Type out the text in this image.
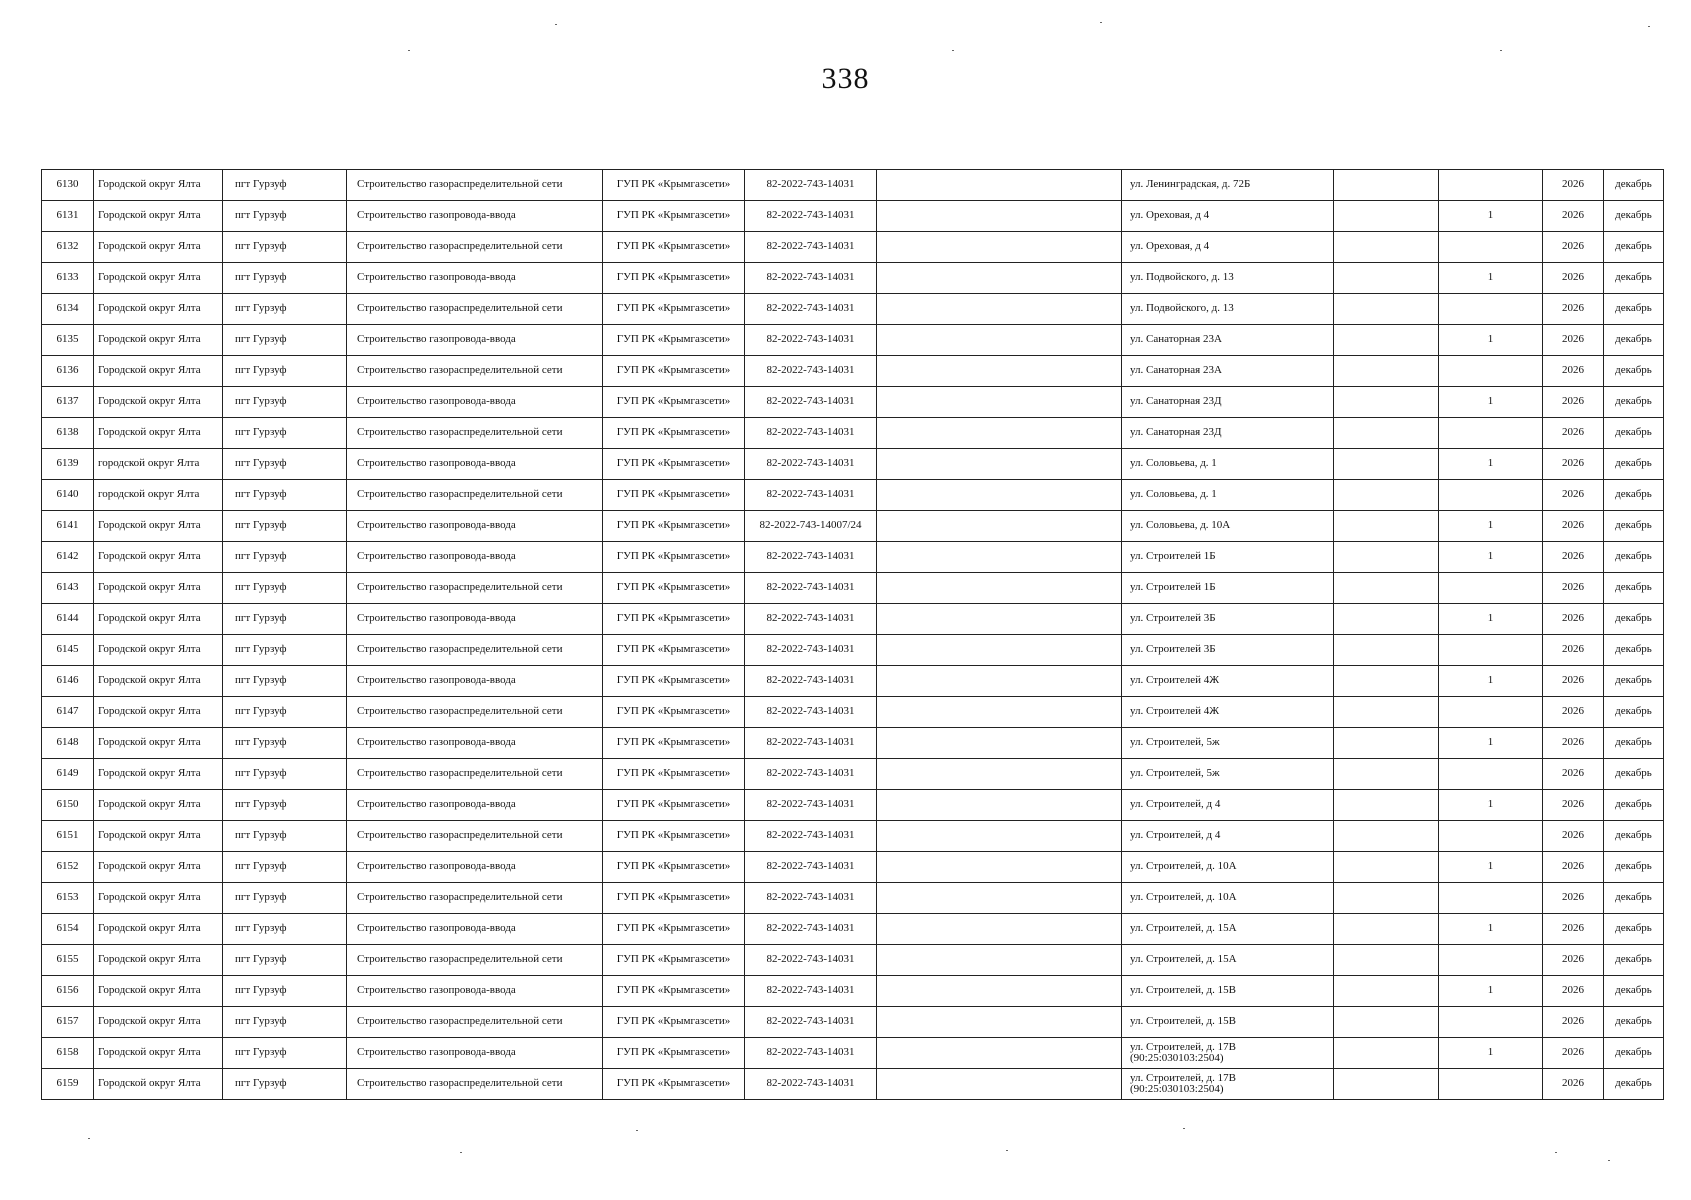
338
6130	Городской округ Ялта	пгт Гурзуф	Строительство газораспределительной сети	ГУП РК «Крымгазсети»	82-2022-743-14031		ул. Ленинградская, д. 72Б			2026	декабрь
6131	Городской округ Ялта	пгт Гурзуф	Строительство газопровода-ввода	ГУП РК «Крымгазсети»	82-2022-743-14031		ул. Ореховая, д 4		1	2026	декабрь
6132	Городской округ Ялта	пгт Гурзуф	Строительство газораспределительной сети	ГУП РК «Крымгазсети»	82-2022-743-14031		ул. Ореховая, д 4			2026	декабрь
6133	Городской округ Ялта	пгт Гурзуф	Строительство газопровода-ввода	ГУП РК «Крымгазсети»	82-2022-743-14031		ул. Подвойского, д. 13		1	2026	декабрь
6134	Городской округ Ялта	пгт Гурзуф	Строительство газораспределительной сети	ГУП РК «Крымгазсети»	82-2022-743-14031		ул. Подвойского, д. 13			2026	декабрь
6135	Городской округ Ялта	пгт Гурзуф	Строительство газопровода-ввода	ГУП РК «Крымгазсети»	82-2022-743-14031		ул. Санаторная 23А		1	2026	декабрь
6136	Городской округ Ялта	пгт Гурзуф	Строительство газораспределительной сети	ГУП РК «Крымгазсети»	82-2022-743-14031		ул. Санаторная 23А			2026	декабрь
6137	Городской округ Ялта	пгт Гурзуф	Строительство газопровода-ввода	ГУП РК «Крымгазсети»	82-2022-743-14031		ул. Санаторная 23Д		1	2026	декабрь
6138	Городской округ Ялта	пгт Гурзуф	Строительство газораспределительной сети	ГУП РК «Крымгазсети»	82-2022-743-14031		ул. Санаторная 23Д			2026	декабрь
6139	городской округ Ялта	пгт Гурзуф	Строительство газопровода-ввода	ГУП РК «Крымгазсети»	82-2022-743-14031		ул. Соловьева, д. 1		1	2026	декабрь
6140	городской округ Ялта	пгт Гурзуф	Строительство газораспределительной сети	ГУП РК «Крымгазсети»	82-2022-743-14031		ул. Соловьева, д. 1			2026	декабрь
6141	Городской округ Ялта	пгт Гурзуф	Строительство газопровода-ввода	ГУП РК «Крымгазсети»	82-2022-743-14007/24		ул. Соловьева, д. 10А		1	2026	декабрь
6142	Городской округ Ялта	пгт Гурзуф	Строительство газопровода-ввода	ГУП РК «Крымгазсети»	82-2022-743-14031		ул. Строителей 1Б		1	2026	декабрь
6143	Городской округ Ялта	пгт Гурзуф	Строительство газораспределительной сети	ГУП РК «Крымгазсети»	82-2022-743-14031		ул. Строителей 1Б			2026	декабрь
6144	Городской округ Ялта	пгт Гурзуф	Строительство газопровода-ввода	ГУП РК «Крымгазсети»	82-2022-743-14031		ул. Строителей 3Б		1	2026	декабрь
6145	Городской округ Ялта	пгт Гурзуф	Строительство газораспределительной сети	ГУП РК «Крымгазсети»	82-2022-743-14031		ул. Строителей 3Б			2026	декабрь
6146	Городской округ Ялта	пгт Гурзуф	Строительство газопровода-ввода	ГУП РК «Крымгазсети»	82-2022-743-14031		ул. Строителей 4Ж		1	2026	декабрь
6147	Городской округ Ялта	пгт Гурзуф	Строительство газораспределительной сети	ГУП РК «Крымгазсети»	82-2022-743-14031		ул. Строителей 4Ж			2026	декабрь
6148	Городской округ Ялта	пгт Гурзуф	Строительство газопровода-ввода	ГУП РК «Крымгазсети»	82-2022-743-14031		ул. Строителей, 5ж		1	2026	декабрь
6149	Городской округ Ялта	пгт Гурзуф	Строительство газораспределительной сети	ГУП РК «Крымгазсети»	82-2022-743-14031		ул. Строителей, 5ж			2026	декабрь
6150	Городской округ Ялта	пгт Гурзуф	Строительство газопровода-ввода	ГУП РК «Крымгазсети»	82-2022-743-14031		ул. Строителей, д 4		1	2026	декабрь
6151	Городской округ Ялта	пгт Гурзуф	Строительство газораспределительной сети	ГУП РК «Крымгазсети»	82-2022-743-14031		ул. Строителей, д 4			2026	декабрь
6152	Городской округ Ялта	пгт Гурзуф	Строительство газопровода-ввода	ГУП РК «Крымгазсети»	82-2022-743-14031		ул. Строителей, д. 10А		1	2026	декабрь
6153	Городской округ Ялта	пгт Гурзуф	Строительство газораспределительной сети	ГУП РК «Крымгазсети»	82-2022-743-14031		ул. Строителей, д. 10А			2026	декабрь
6154	Городской округ Ялта	пгт Гурзуф	Строительство газопровода-ввода	ГУП РК «Крымгазсети»	82-2022-743-14031		ул. Строителей, д. 15А		1	2026	декабрь
6155	Городской округ Ялта	пгт Гурзуф	Строительство газораспределительной сети	ГУП РК «Крымгазсети»	82-2022-743-14031		ул. Строителей, д. 15А			2026	декабрь
6156	Городской округ Ялта	пгт Гурзуф	Строительство газопровода-ввода	ГУП РК «Крымгазсети»	82-2022-743-14031		ул. Строителей, д. 15В		1	2026	декабрь
6157	Городской округ Ялта	пгт Гурзуф	Строительство газораспределительной сети	ГУП РК «Крымгазсети»	82-2022-743-14031		ул. Строителей, д. 15В			2026	декабрь
6158	Городской округ Ялта	пгт Гурзуф	Строительство газопровода-ввода	ГУП РК «Крымгазсети»	82-2022-743-14031		ул. Строителей, д. 17В (90:25:030103:2504)		1	2026	декабрь
6159	Городской округ Ялта	пгт Гурзуф	Строительство газораспределительной сети	ГУП РК «Крымгазсети»	82-2022-743-14031		ул. Строителей, д. 17В (90:25:030103:2504)			2026	декабрь
